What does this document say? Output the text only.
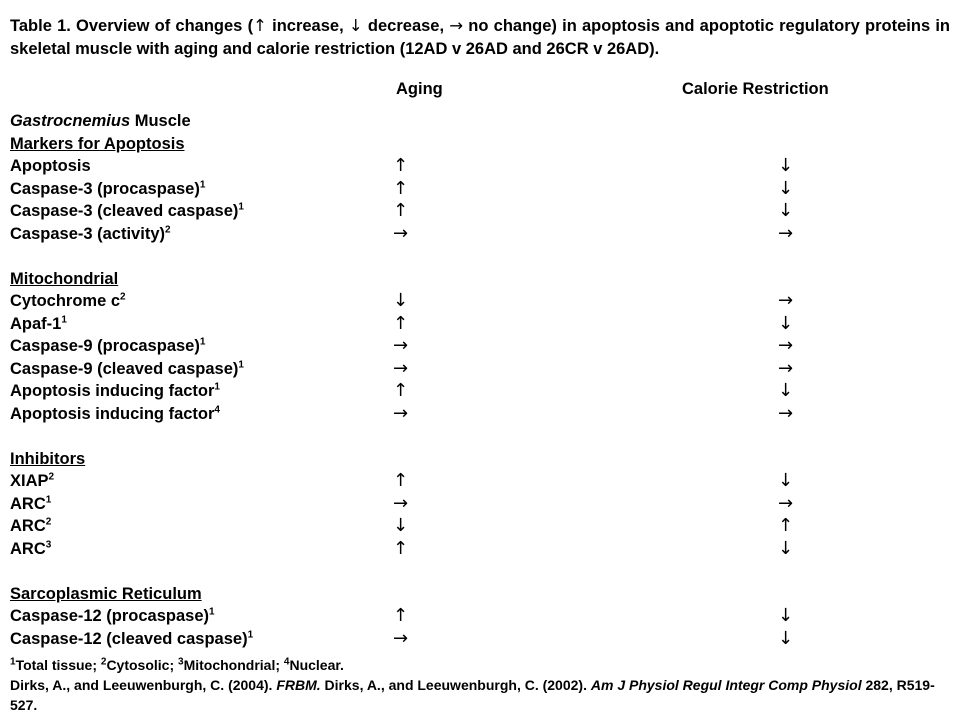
Table 1. Overview of changes (↑ increase, ↓ decrease, → no change) in apoptosis and apoptotic regulatory proteins in skeletal muscle with aging and calorie restriction (12AD v 26AD and 26CR v 26AD).
Aging	Calorie Restriction
Gastrocnemius Muscle
Markers for Apoptosis
Apoptosis	↑	↓
Caspase-3 (procaspase)$^1$	↑	↓
Caspase-3 (cleaved caspase)$^1$	↑	↓
Caspase-3 (activity)$^2$	→	→
Mitochondrial
Cytochrome $c^2$	↓	→
Apaf-$1^1$	↑	↓
Caspase-9 (procaspase)$^1$	→	→
Caspase-9 (cleaved caspase)$^1$	→	→
Apoptosis inducing factor$^1$	↑	↓
Apoptosis inducing factor$^4$	→	→
Inhibitors
XIAP$^2$	↑	↓
$ARC^1$	→	→
$ARC^2$	↓	↑
ARC$^3$	↑	↓
Sarcoplasmic Reticulum
Caspase-12 (procaspase)$^1$	↑	↓
Caspase-12 (cleaved caspase)$^1$	→	↓
$^1$Total tissue; $^2$Cytosolic; $^3$Mitochondrial; $^4$Nuclear.
Dirks, A., and Leeuwenburgh, C. (2004). FRBM. Dirks, A., and Leeuwenburgh, C. (2002). Am J Physiol Regul Integr Comp Physiol 282, R519-527.
